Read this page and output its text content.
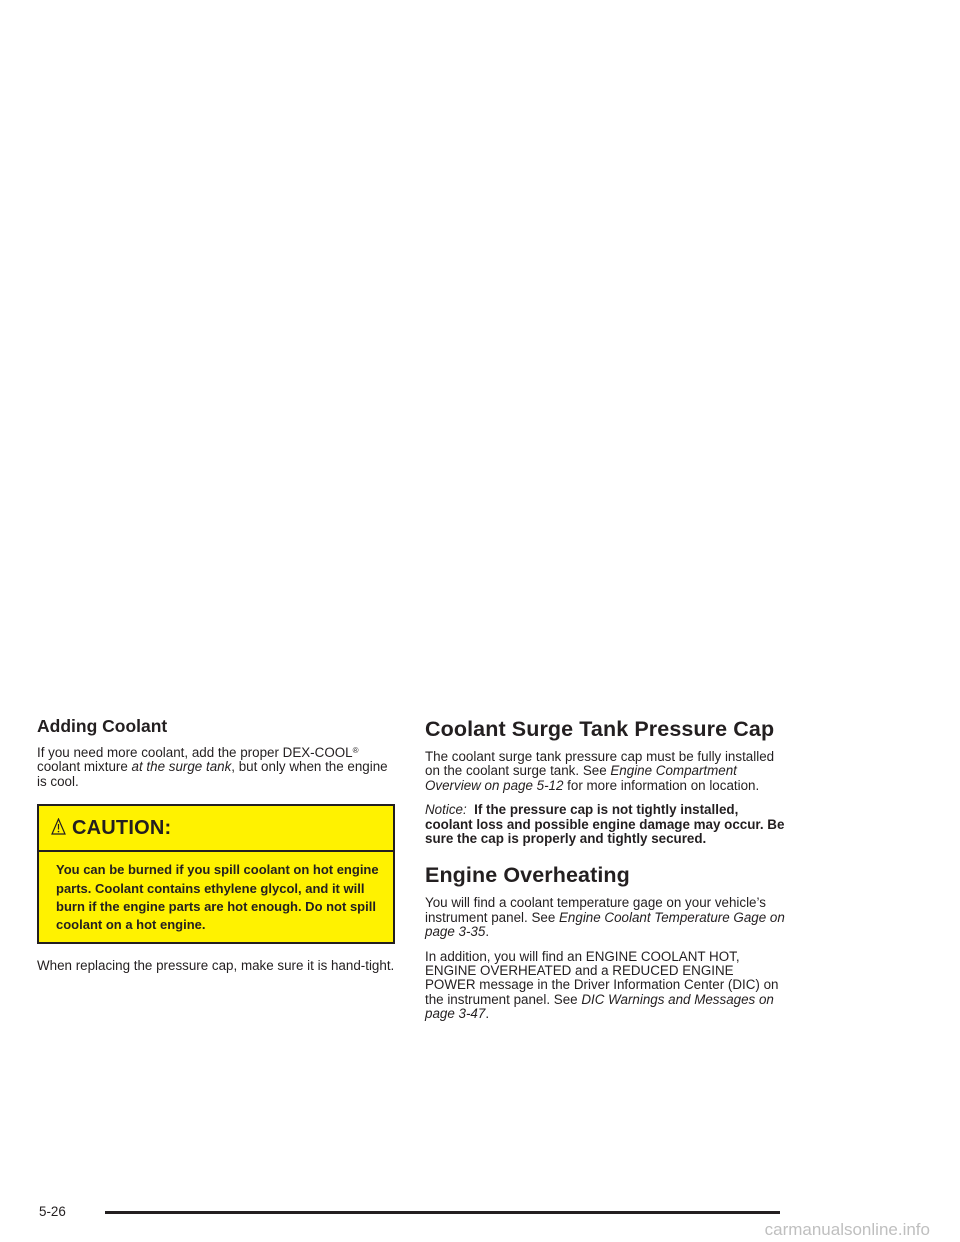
Adding Coolant

If you need more coolant, add the proper DEX-COOL® coolant mixture at the surge tank, but only when the engine is cool.

CAUTION:
You can be burned if you spill coolant on hot engine parts. Coolant contains ethylene glycol, and it will burn if the engine parts are hot enough. Do not spill coolant on a hot engine.

When replacing the pressure cap, make sure it is hand-tight.

Coolant Surge Tank Pressure Cap

The coolant surge tank pressure cap must be fully installed on the coolant surge tank. See Engine Compartment Overview on page 5-12 for more information on location.

Notice: If the pressure cap is not tightly installed, coolant loss and possible engine damage may occur. Be sure the cap is properly and tightly secured.

Engine Overheating

You will find a coolant temperature gage on your vehicle’s instrument panel. See Engine Coolant Temperature Gage on page 3-35.

In addition, you will find an ENGINE COOLANT HOT, ENGINE OVERHEATED and a REDUCED ENGINE POWER message in the Driver Information Center (DIC) on the instrument panel. See DIC Warnings and Messages on page 3-47.

5-26
carmanualsonline.info
